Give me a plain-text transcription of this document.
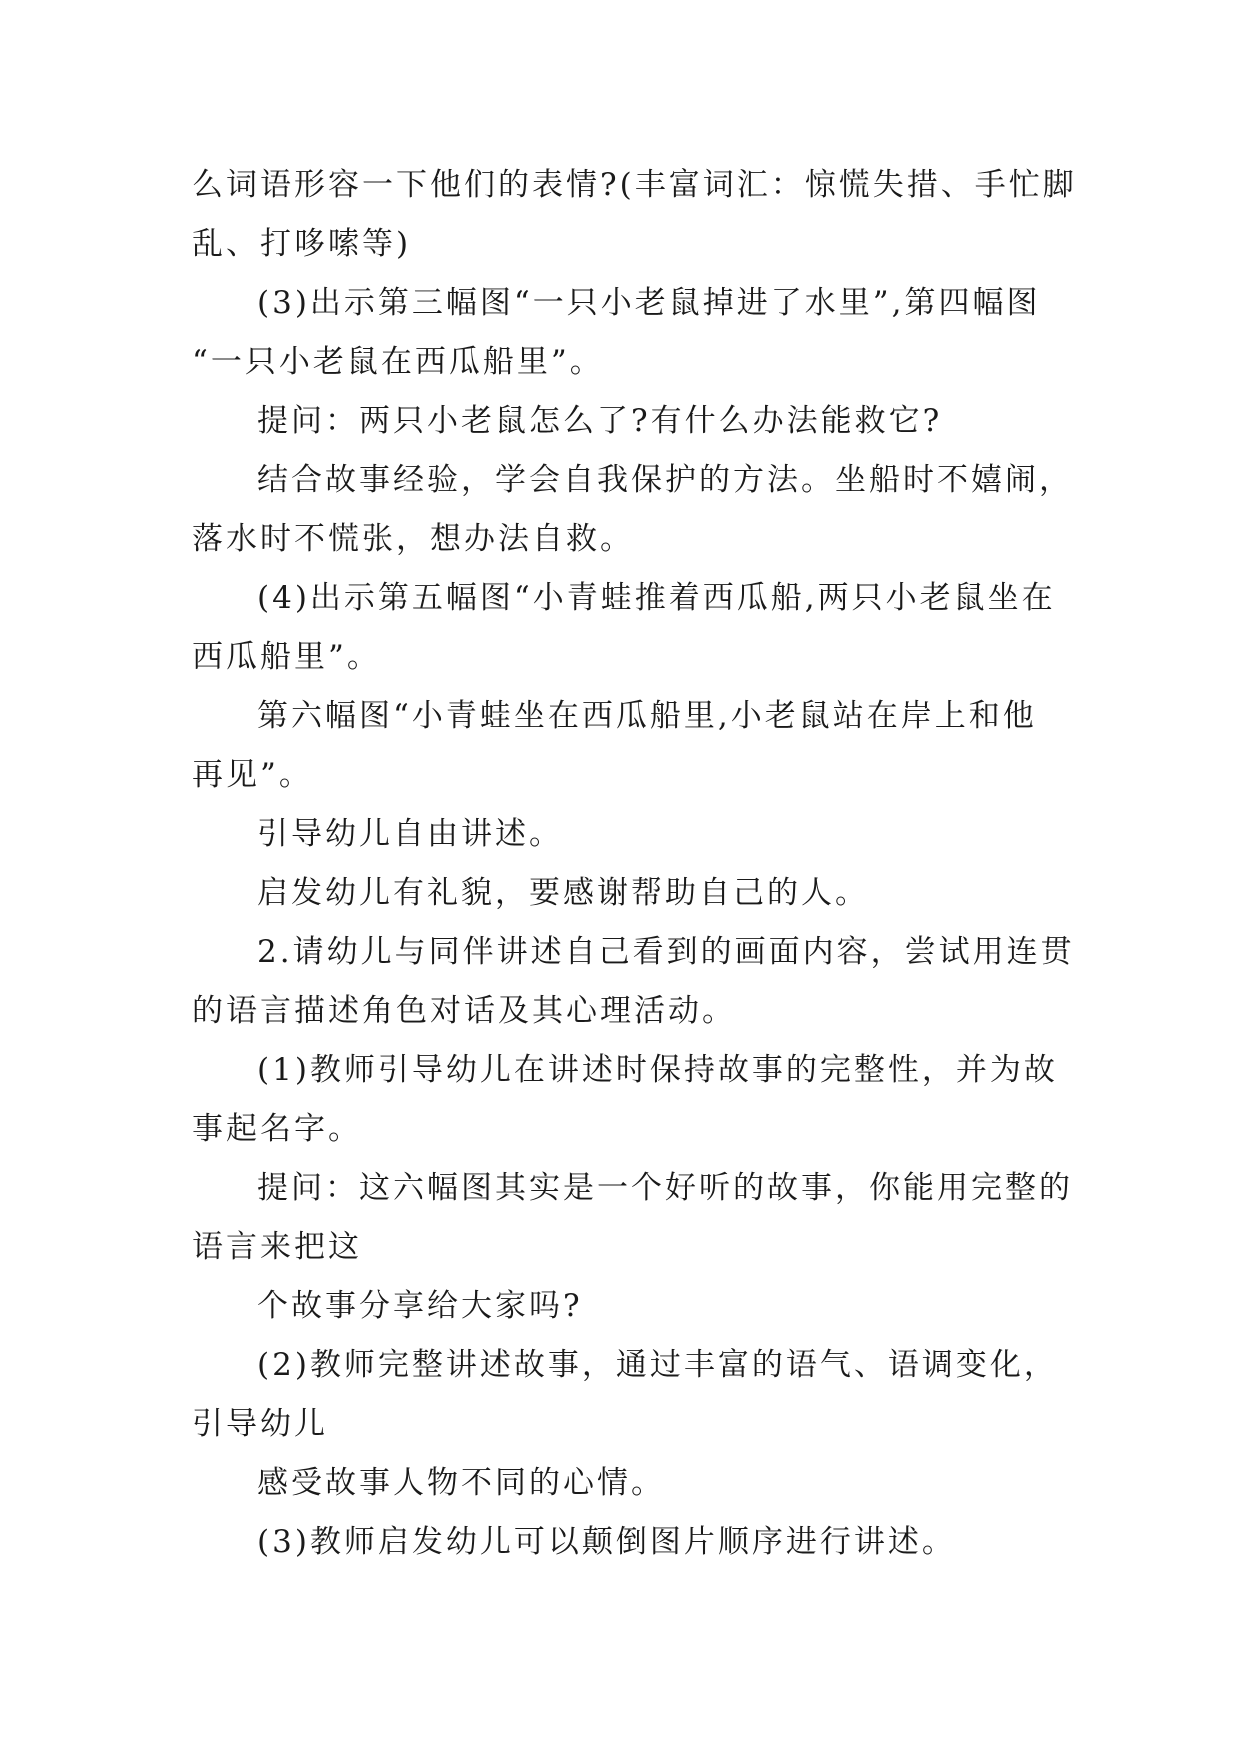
么词语形容一下他们的表情?(丰富词汇：惊慌失措、手忙脚
乱、打哆嗦等)
(3)出示第三幅图“一只小老鼠掉进了水里”,第四幅图
“一只小老鼠在西瓜船里”。
提问：两只小老鼠怎么了?有什么办法能救它?
结合故事经验，学会自我保护的方法。坐船时不嬉闹，
落水时不慌张，想办法自救。
(4)出示第五幅图“小青蛙推着西瓜船,两只小老鼠坐在
西瓜船里”。
第六幅图“小青蛙坐在西瓜船里,小老鼠站在岸上和他
再见”。
引导幼儿自由讲述。
启发幼儿有礼貌，要感谢帮助自己的人。
2.请幼儿与同伴讲述自己看到的画面内容，尝试用连贯
的语言描述角色对话及其心理活动。
(1)教师引导幼儿在讲述时保持故事的完整性，并为故
事起名字。
提问：这六幅图其实是一个好听的故事，你能用完整的
语言来把这
个故事分享给大家吗?
(2)教师完整讲述故事，通过丰富的语气、语调变化，
引导幼儿
感受故事人物不同的心情。
(3)教师启发幼儿可以颠倒图片顺序进行讲述。
